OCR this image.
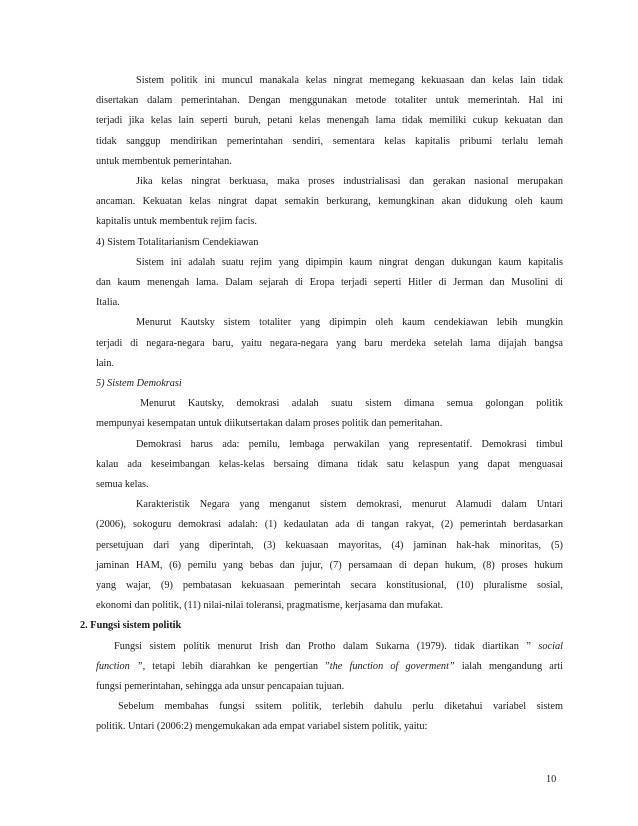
Sistem politik ini muncul manakala kelas ningrat memegang kekuasaan dan kelas lain tidak
disertakan dalam pemerintahan. Dengan menggunakan metode totaliter untuk memerintah. Hal ini
terjadi jika kelas lain seperti buruh, petani kelas menengah lama tidak memiliki cukup kekuatan dan
tidak sanggup mendirikan pemerintahan sendiri, sementara kelas kapitalis pribumi terlalu lemah
untuk membentuk pemerintahan.
Jika kelas ningrat berkuasa, maka proses industrialisasi dan gerakan nasional merupakan
ancaman. Kekuatan kelas ningrat dapat semakin berkurang, kemungkinan akan didukung oleh kaum
kapitalis untuk membentuk rejim facis.
4) Sistem Totalitarianism Cendekiawan
Sistem ini adalah suatu rejim yang dipimpin kaum ningrat dengan dukungan kaum kapitalis
dan kaum menengah lama. Dalam sejarah di Eropa terjadi seperti Hitler di Jerman dan Musolini di
Italia.
Menurut Kautsky sistem totaliter yang dipimpin oleh kaum cendekiawan lebih mungkin
terjadi di negara-negara baru, yaitu negara-negara yang baru merdeka setelah lama dijajah bangsa
lain.
5) Sistem Demokrasi
Menurut Kautsky, demokrasi adalah suatu sistem dimana semua golongan politik
mempunyai kesempatan untuk diikutsertakan dalam proses politik dan pemeritahan.
Demokrasi harus ada: pemilu, lembaga perwakilan yang representatif. Demokrasi timbul
kalau ada keseimbangan kelas-kelas bersaing dimana tidak satu kelaspun yang dapat menguasai
semua kelas.
Karakteristik Negara yang menganut sistem demokrasi, menurut Alamudi dalam Untari
(2006), sokoguru demokrasi adalah: (1) kedaulatan ada di tangan rakyat, (2) pemerintah berdasarkan
persetujuan dari yang diperintah, (3) kekuasaan mayoritas, (4) jaminan hak-hak minoritas, (5)
jaminan HAM, (6) pemilu yang bebas dan jujur, (7) persamaan di depan hukum, (8) proses hukum
yang wajar, (9) pembatasan kekuasaan pemerintah secara konstitusional, (10) pluralisme sosial,
ekonomi dan politik, (11) nilai-nilai toleransi, pragmatisme, kerjasama dan mufakat.
2. Fungsi sistem politik
Fungsi sistem politik menurut Irish dan Protho dalam Sukarna (1979). tidak diartikan ” social
function ”, tetapi lebih diarahkan ke pengertian ”the function of goverment” ialah mengandung arti
fungsi pemerintahan, sehingga ada unsur pencapaian tujuan.
Sebelum membahas fungsi ssitem politik, terlebih dahulu perlu diketahui variabel sistem
politik. Untari (2006:2) mengemukakan ada empat variabel sistem politik, yaitu:
10
